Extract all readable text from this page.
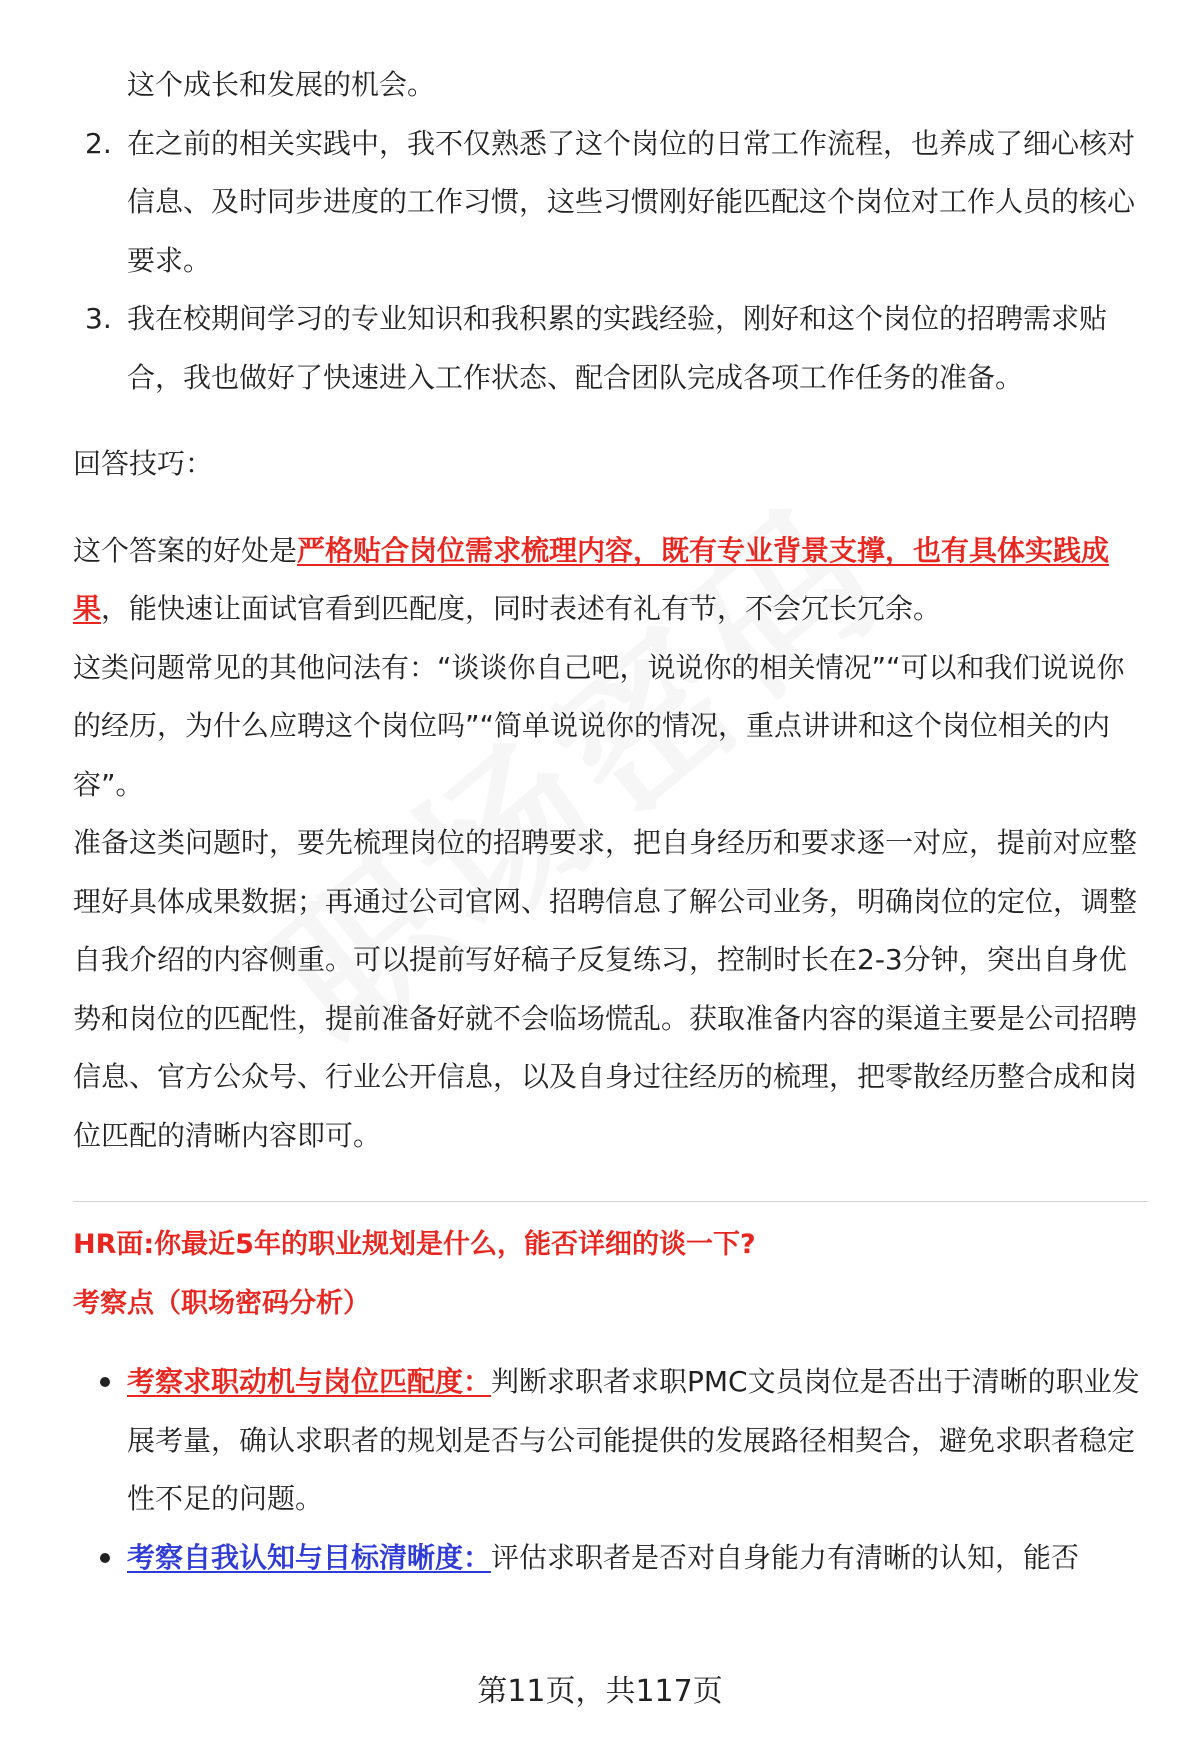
这个成长和发展的机会。
2. 在之前的相关实践中，我不仅熟悉了这个岗位的日常工作流程，也养成了细心核对信息、及时同步进度的工作习惯，这些习惯刚好能匹配这个岗位对工作人员的核心要求。
3. 我在校期间学习的专业知识和我积累的实践经验，刚好和这个岗位的招聘需求贴合，我也做好了快速进入工作状态、配合团队完成各项工作任务的准备。

回答技巧：

这个答案的好处是严格贴合岗位需求梳理内容，既有专业背景支撑，也有具体实践成果，能快速让面试官看到匹配度，同时表述有礼有节，不会冗长冗余。

这类问题常见的其他问法有：“谈谈你自己吧，说说你的相关情况”“可以和我们说说你的经历，为什么应聘这个岗位吗”“简单说说你的情况，重点讲讲和这个岗位相关的内容”。

准备这类问题时，要先梳理岗位的招聘要求，把自身经历和要求逐一对应，提前对应整理好具体成果数据；再通过公司官网、招聘信息了解公司业务，明确岗位的定位，调整自我介绍的内容侧重。可以提前写好稿子反复练习，控制时长在2-3分钟，突出自身优势和岗位的匹配性，提前准备好就不会临场慌乱。获取准备内容的渠道主要是公司招聘信息、官方公众号、行业公开信息，以及自身过往经历的梳理，把零散经历整合成和岗位匹配的清晰内容即可。

HR面:你最近5年的职业规划是什么，能否详细的谈一下?

考察点（职场密码分析）

考察求职动机与岗位匹配度：判断求职者求职PMC文员岗位是否出于清晰的职业发展考量，确认求职者的规划是否与公司能提供的发展路径相契合，避免求职者稳定性不足的问题。
考察自我认知与目标清晰度：评估求职者是否对自身能力有清晰的认知，能否
第11页，共117页
